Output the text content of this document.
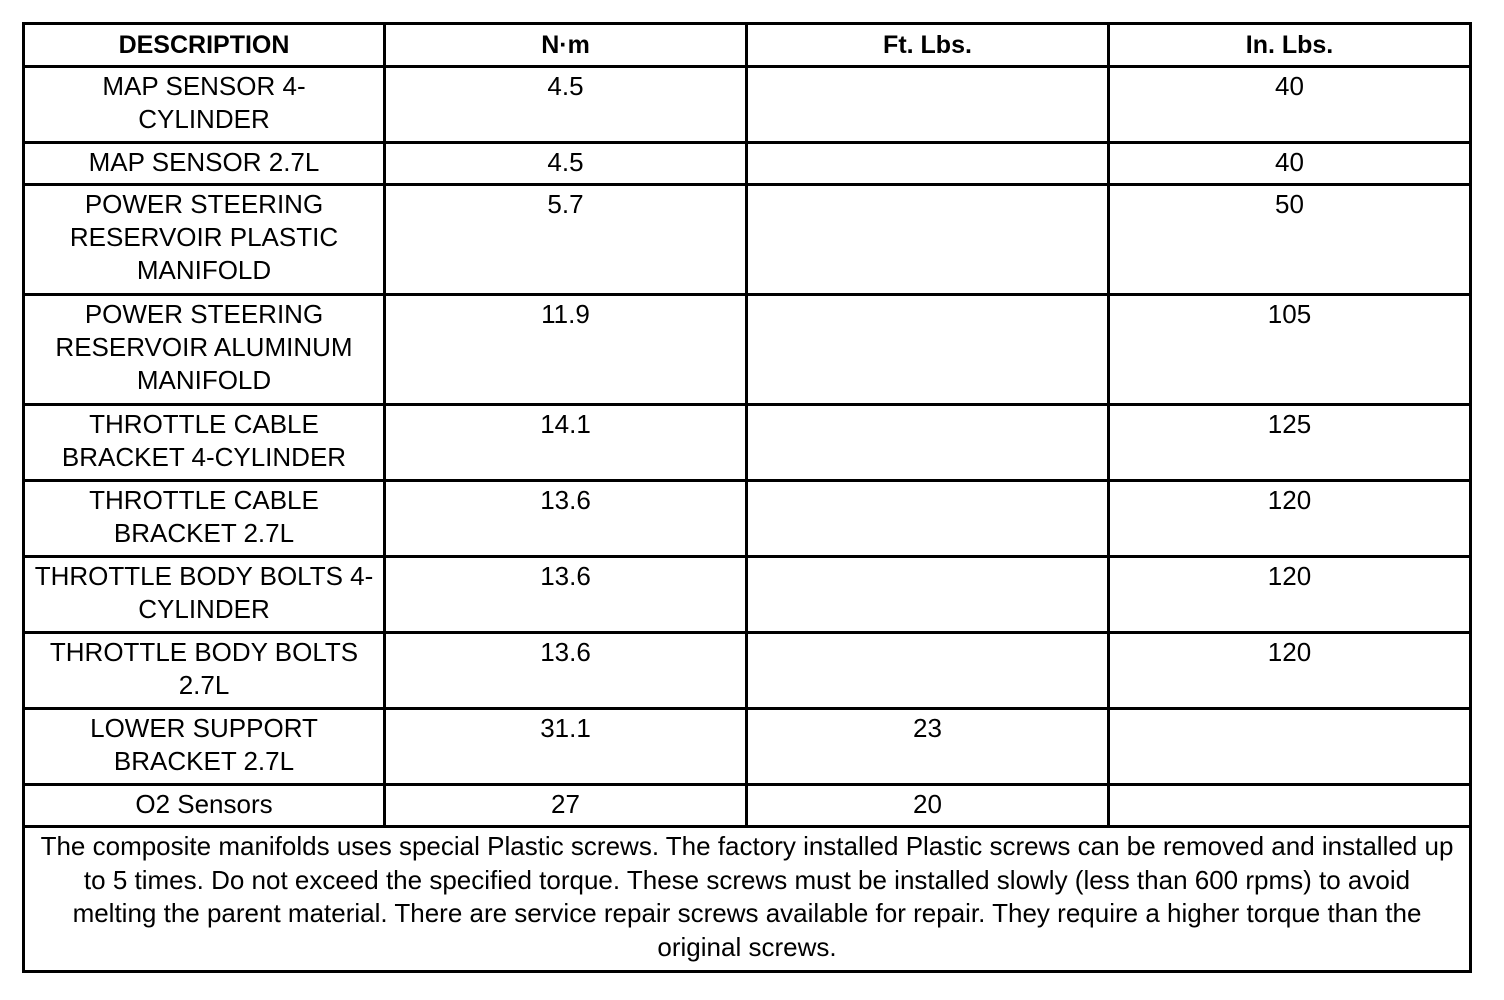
DESCRIPTION	N·m	Ft. Lbs.	In. Lbs.
MAP SENSOR 4-CYLINDER	4.5		40
MAP SENSOR 2.7L	4.5		40
POWER STEERING RESERVOIR PLASTIC MANIFOLD	5.7		50
POWER STEERING RESERVOIR ALUMINUM MANIFOLD	11.9		105
THROTTLE CABLE BRACKET 4-CYLINDER	14.1		125
THROTTLE CABLE BRACKET 2.7L	13.6		120
THROTTLE BODY BOLTS 4-CYLINDER	13.6		120
THROTTLE BODY BOLTS 2.7L	13.6		120
LOWER SUPPORT BRACKET 2.7L	31.1	23	
O2 Sensors	27	20	
The composite manifolds uses special Plastic screws. The factory installed Plastic screws can be removed and installed up to 5 times. Do not exceed the specified torque. These screws must be installed slowly (less than 600 rpms) to avoid melting the parent material. There are service repair screws available for repair. They require a higher torque than the original screws.			
